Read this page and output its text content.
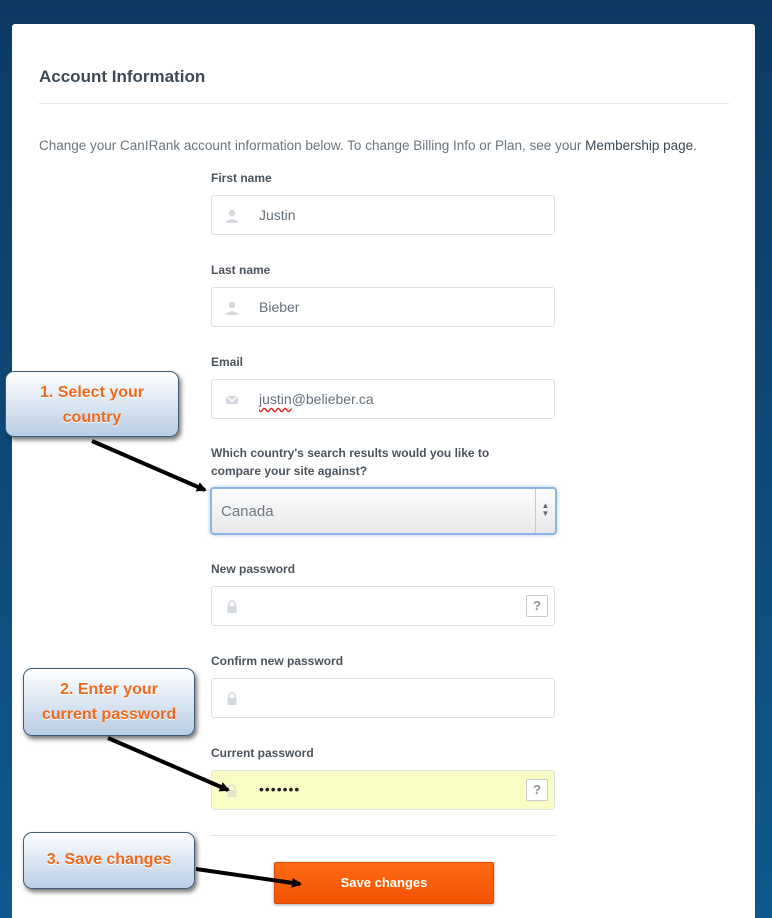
Account Information
Change your CanIRank account information below. To change Billing Info or Plan, see your Membership page.
First name
Justin
Last name
Bieber
Email
justin@belieber.ca
Which country's search results would you like to
compare your site against?
Canada	▲
▼
New password
?
Confirm new password
Current password
•••••••	?
Save changes
1. Select your
country
2. Enter your
current password
3. Save changes
